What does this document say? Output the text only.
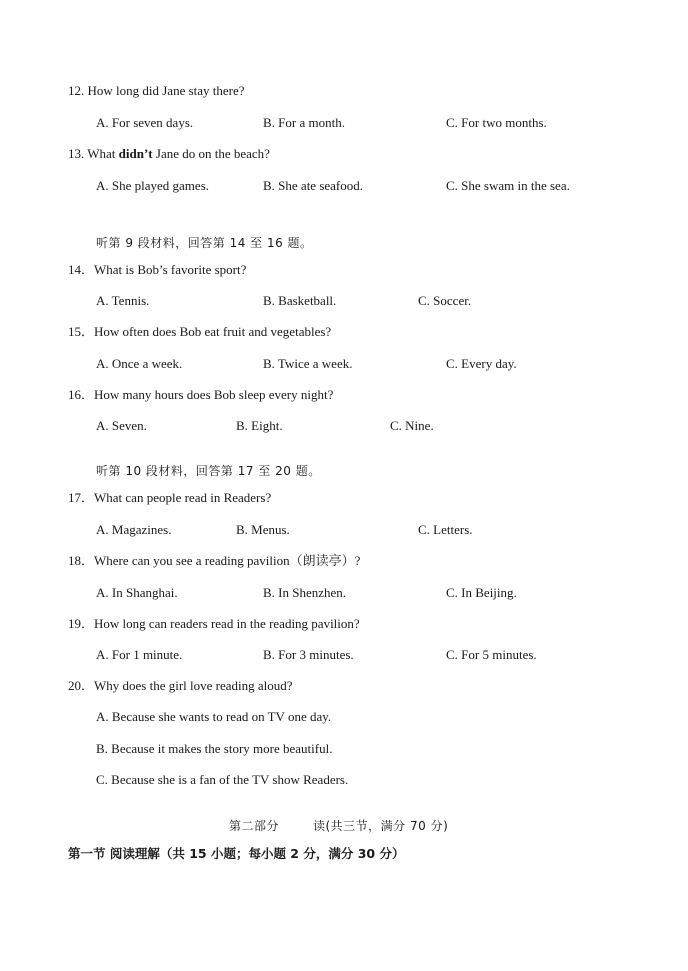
12. How long did Jane stay there?
A. For seven days.	B. For a month.	C. For two months.
13. What didn’t Jane do on the beach?
A. She played games.	B. She ate seafood.	C. She swam in the sea.
听第 9 段材料，回答第 14 至 16 题。
14．What is Bob’s favorite sport?
A. Tennis.	B. Basketball.	C. Soccer.
15．How often does Bob eat fruit and vegetables?
A. Once a week.	B. Twice a week.	C. Every day.
16．How many hours does Bob sleep every night?
A. Seven.	B. Eight.	C. Nine.
听第 10 段材料，回答第 17 至 20 题。
17．What can people read in Readers?
A. Magazines.	B. Menus.	C. Letters.
18．Where can you see a reading pavilion（朗读亭）?
A. In Shanghai.	B. In Shenzhen.	C. In Beijing.
19．How long can readers read in the reading pavilion?
A. For 1 minute.	B. For 3 minutes.	C. For 5 minutes.
20．Why does the girl love reading aloud?
A. Because she wants to read on TV one day.
B. Because it makes the story more beautiful.
C. Because she is a fan of the TV show Readers.
第二部分	读(共三节，满分 70 分)
第一节 阅读理解（共 15 小题；每小题 2 分，满分 30 分）
